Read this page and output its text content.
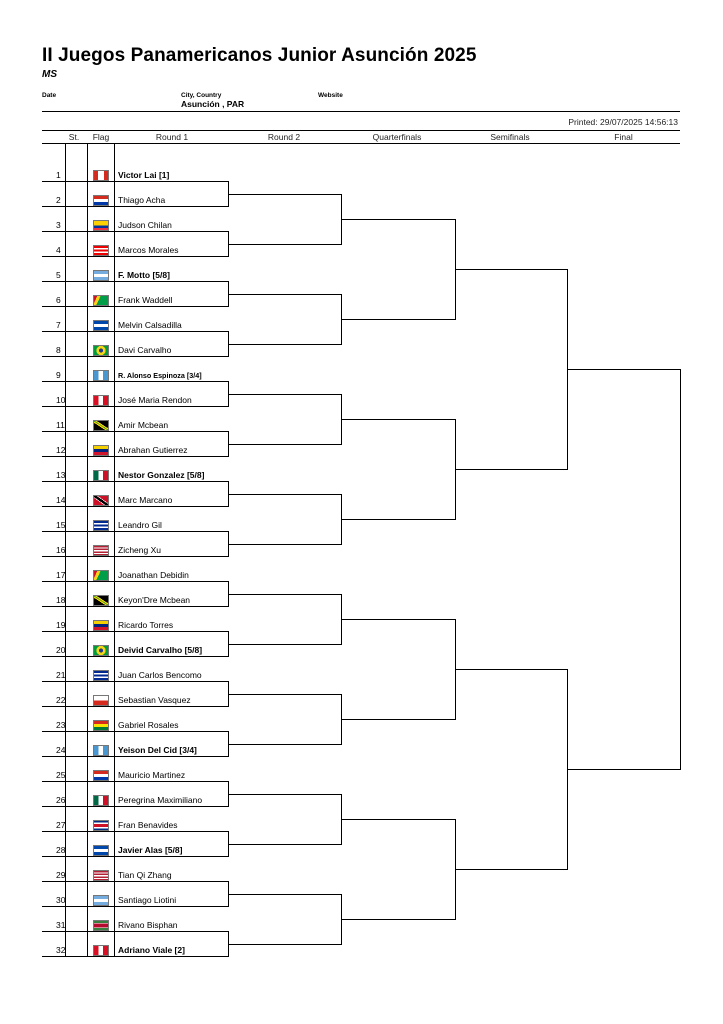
II Juegos Panamericanos Junior Asunción 2025
MS
Date	City, Country
Asunción , PAR
Website
Printed: 29/07/2025 14:56:13
St.	Flag	Round 1	Round 2	Quarterfinals	Semifinals	Final
1	Victor Lai [1]
2	Thiago Acha
3	Judson Chilan
4	Marcos Morales
5	F. Motto [5/8]
6	Frank Waddell
7	Melvin Calsadilla
8	Davi Carvalho
9	R. Alonso Espinoza [3/4]
10	José Maria Rendon
11	Amir Mcbean
12	Abrahan Gutierrez
13	Nestor Gonzalez [5/8]
14	Marc Marcano
15	Leandro Gil
16	Zicheng Xu
17	Joanathan Debidin
18	Keyon'Dre Mcbean
19	Ricardo Torres
20	Deivid Carvalho [5/8]
21	Juan Carlos Bencomo
22	Sebastian Vasquez
23	Gabriel Rosales
24	Yeison Del Cid [3/4]
25	Mauricio Martinez
26	Peregrina Maximiliano
27	Fran Benavides
28	Javier Alas [5/8]
29	Tian Qi Zhang
30	Santiago Liotini
31	Rivano Bisphan
32	Adriano Viale [2]
